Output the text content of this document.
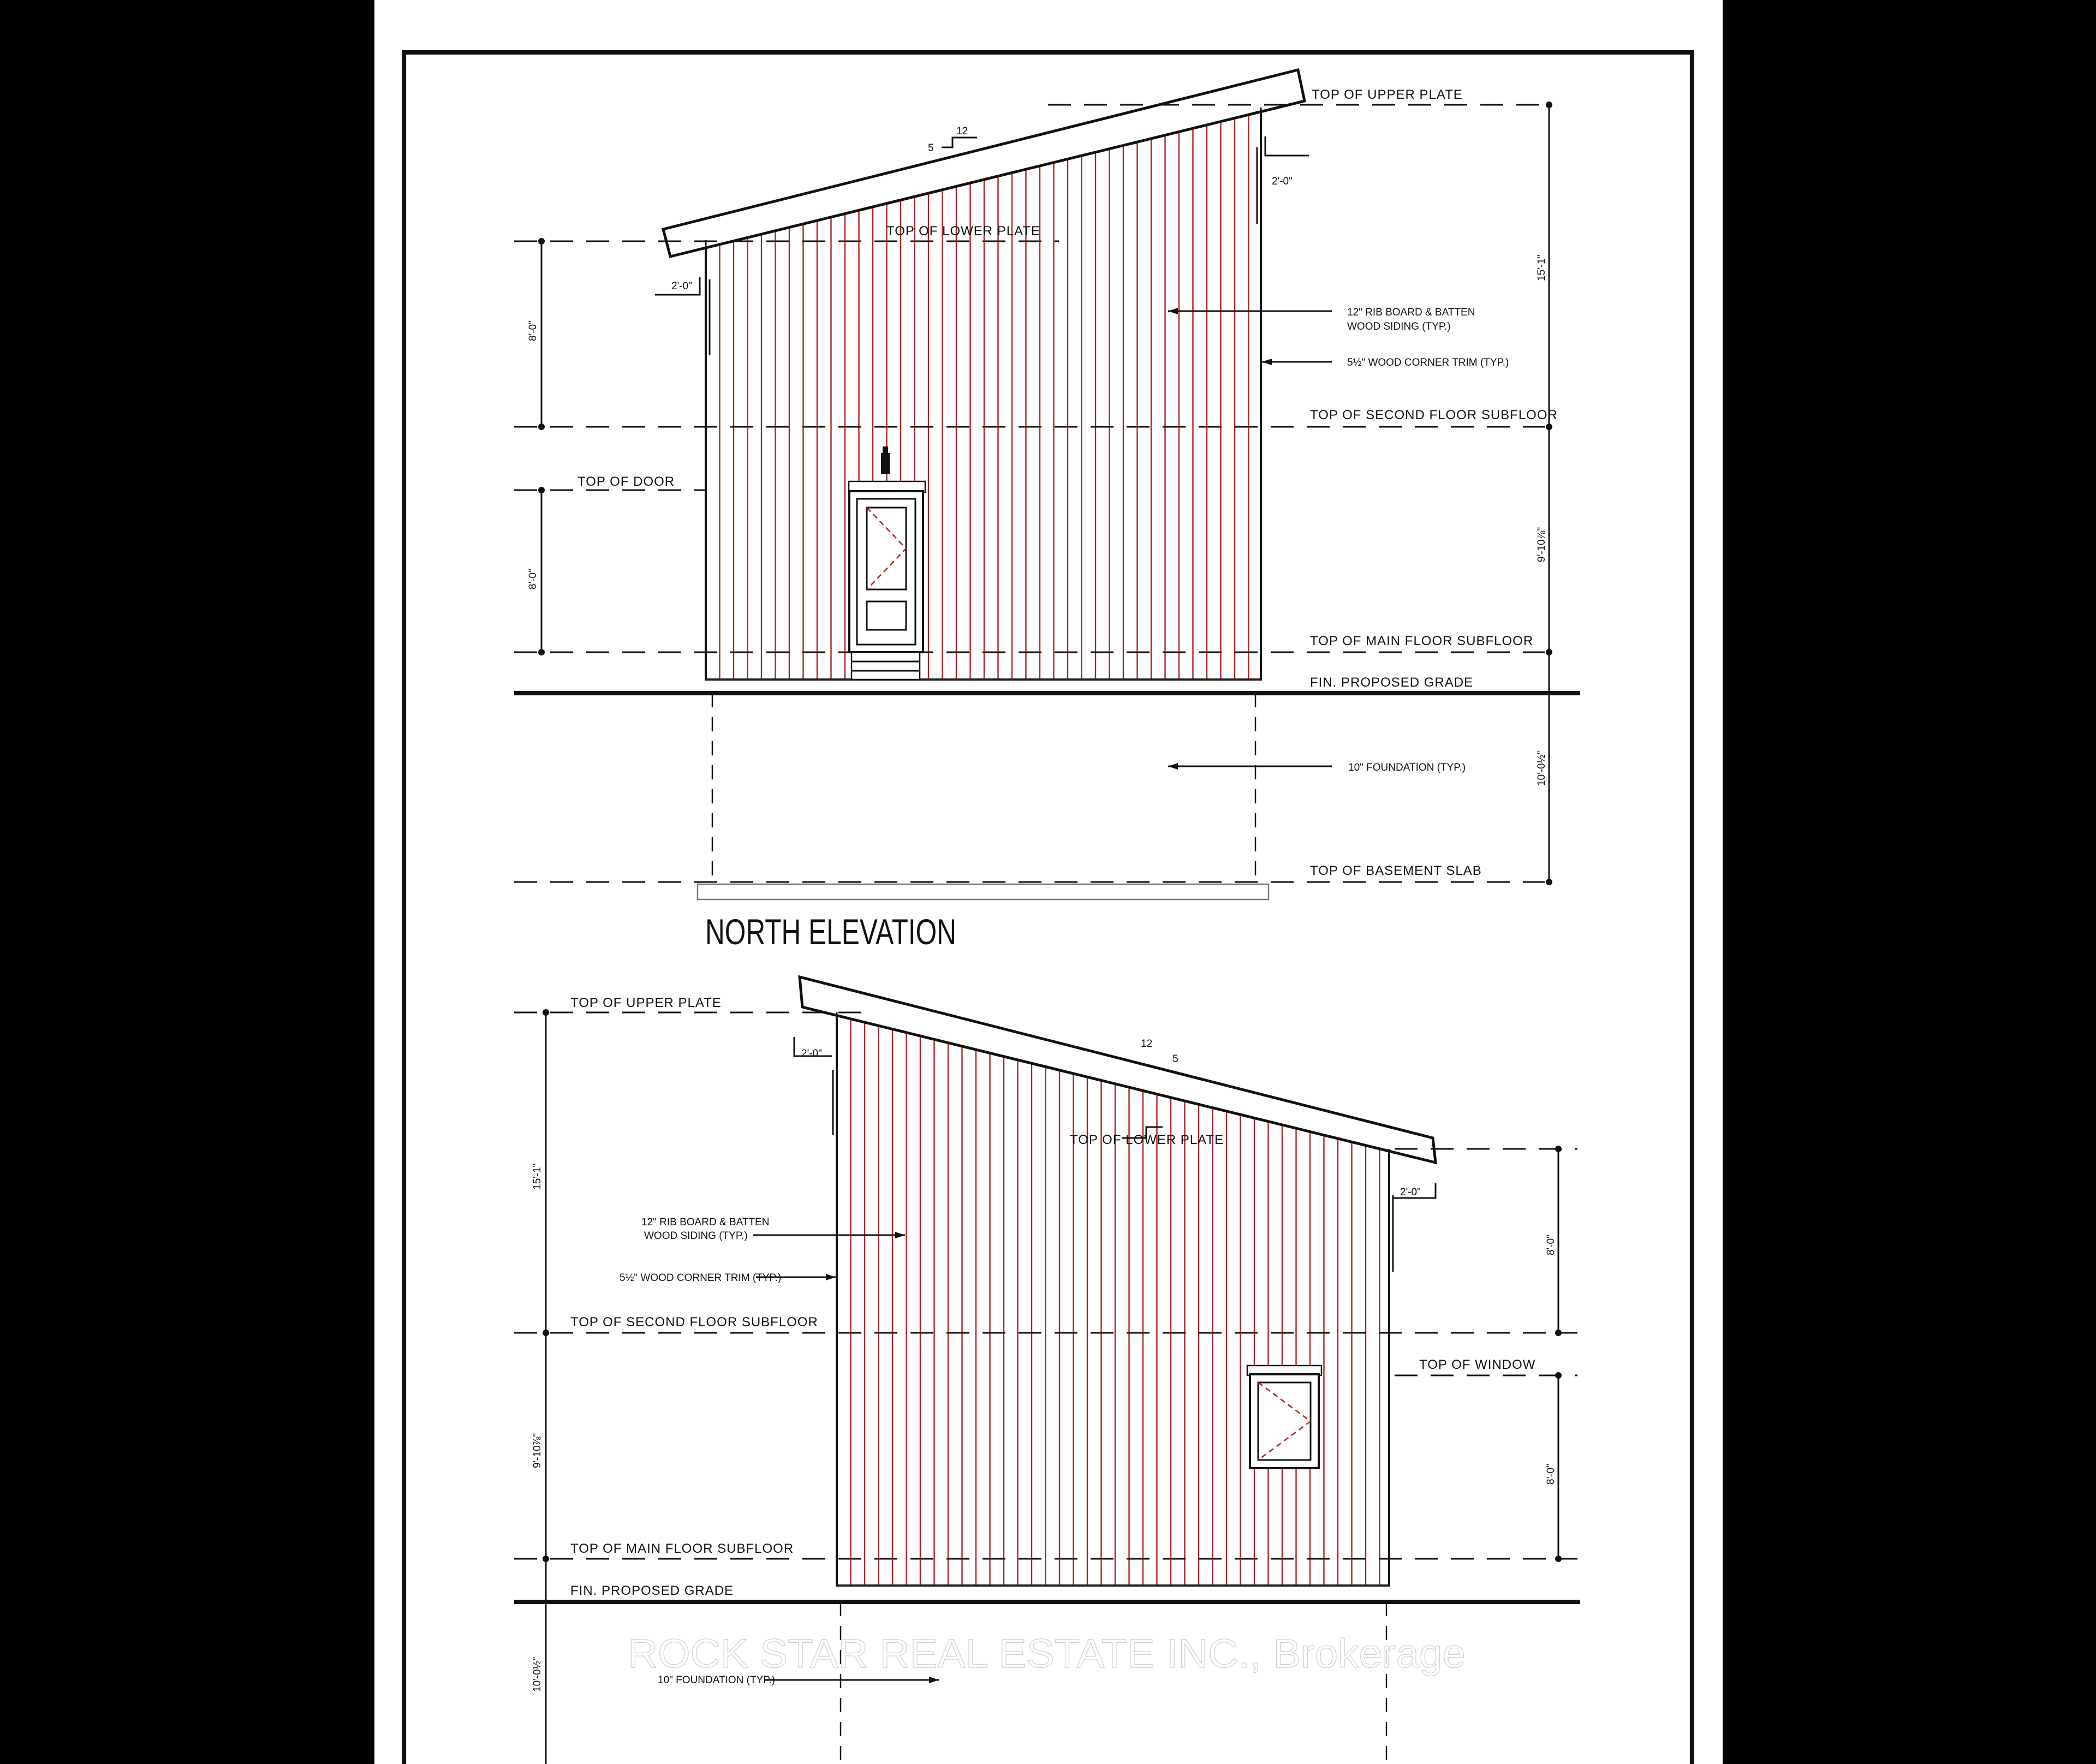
12
5
2'-0"
2'-0"
8'-0"
8'-0"
15'-1"
9'-10⅞"
10'-0½"
TOP OF UPPER PLATE
TOP OF LOWER PLATE
12" RIB BOARD & BATTEN
WOOD SIDING (TYP.)
5½" WOOD CORNER TRIM (TYP.)
TOP OF SECOND FLOOR SUBFLOOR
TOP OF DOOR
TOP OF MAIN FLOOR SUBFLOOR
FIN. PROPOSED GRADE
10" FOUNDATION (TYP.)
TOP OF BASEMENT SLAB
NORTH ELEVATION
12
5
2'-0"
2'-0"
15'-1"
9'-10⅞"
10'-0½"
8'-0"
8'-0"
TOP OF UPPER PLATE
TOP OF LOWER PLATE
12" RIB BOARD & BATTEN
WOOD SIDING (TYP.)
5½" WOOD CORNER TRIM (TYP.)
TOP OF SECOND FLOOR SUBFLOOR
TOP OF WINDOW
TOP OF MAIN FLOOR SUBFLOOR
FIN. PROPOSED GRADE
10" FOUNDATION (TYP.)
ROCK STAR REAL ESTATE INC., Brokerage
